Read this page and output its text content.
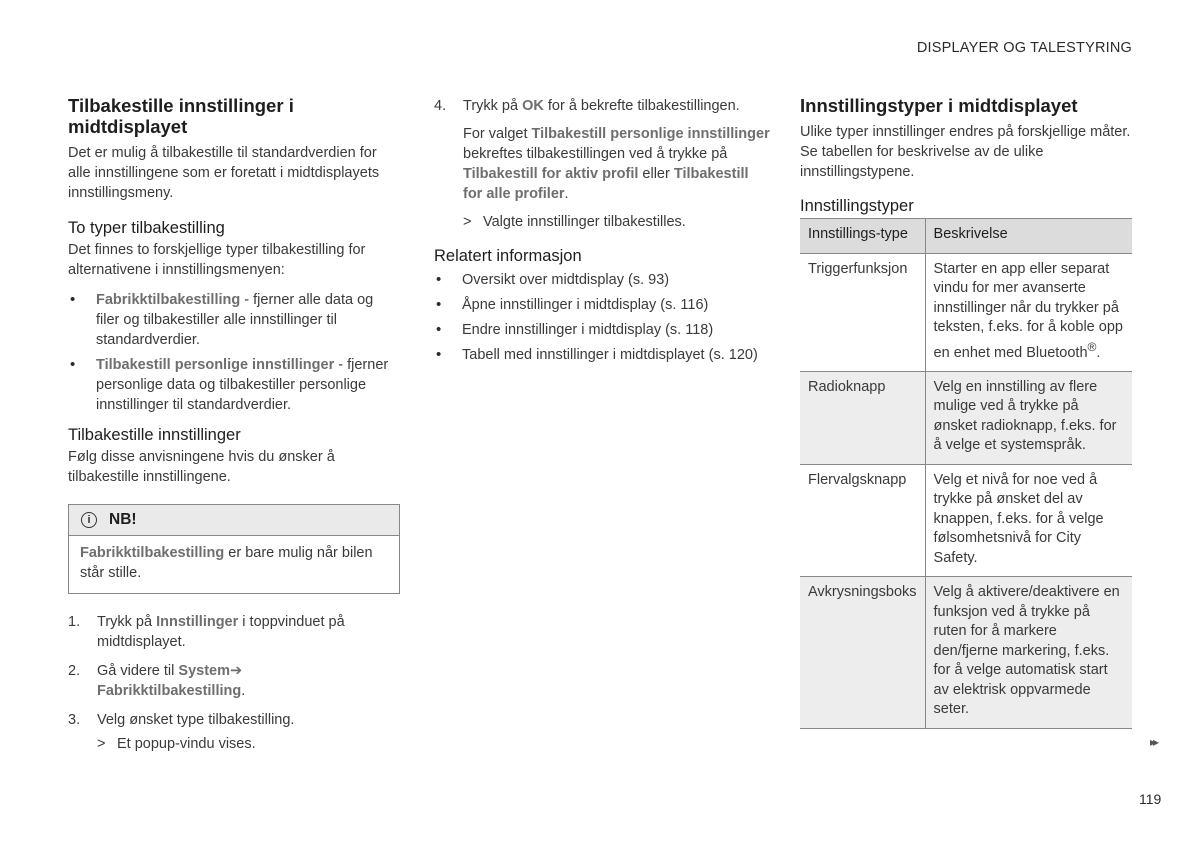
DISPLAYER OG TALESTYRING
Tilbakestille innstillinger i midtdisplayet

Det er mulig å tilbakestille til standardverdien for alle innstillingene som er foretatt i midtdisplayets innstillingsmeny.

To typer tilbakestilling

Det finnes to forskjellige typer tilbakestilling for alternativene i innstillingsmenyen:

• Fabrikktilbakestilling - fjerner alle data og filer og tilbakestiller alle innstillinger til standardverdier.
• Tilbakestill personlige innstillinger - fjerner personlige data og tilbakestiller personlige innstillinger til standardverdier.
Tilbakestille innstillinger

Følg disse anvisningene hvis du ønsker å tilbakestille innstillingene.

i	NB!
Fabrikktilbakestilling er bare mulig når bilen står stille.
1. Trykk på Innstillinger i toppvinduet på midtdisplayet.
2. Gå videre til System➔
Fabrikktilbakestilling.
3. Velg ønsket type tilbakestilling.
> Et popup-vindu vises.
4. Trykk på OK for å bekrefte tilbakestillingen.

For valget Tilbakestill personlige innstillinger bekreftes tilbakestillingen ved å trykke på Tilbakestill for aktiv profil eller Tilbakestill for alle profiler.

> Valgte innstillinger tilbakestilles.
Relatert informasjon
• Oversikt over midtdisplay (s. 93)
• Åpne innstillinger i midtdisplay (s. 116)
• Endre innstillinger i midtdisplay (s. 118)
• Tabell med innstillinger i midtdisplayet (s. 120)
Innstillingstyper i midtdisplayet

Ulike typer innstillinger endres på forskjellige måter. Se tabellen for beskrivelse av de ulike innstillingstypene.

Innstillingstyper
Innstillings-type	Beskrivelse
Triggerfunksjon	Starter en app eller separat vindu for mer avanserte innstillinger når du trykker på teksten, f.eks. for å koble opp en enhet med Bluetooth®.
Radioknapp	Velg en innstilling av flere mulige ved å trykke på ønsket radioknapp, f.eks. for å velge et systemspråk.
Flervalgsknapp	Velg et nivå for noe ved å trykke på ønsket del av knappen, f.eks. for å velge følsomhetsnivå for City Safety.
Avkrysningsboks	Velg å aktivere/deaktivere en funksjon ved å trykke på ruten for å markere den/fjerne markering, f.eks. for å velge automatisk start av elektrisk oppvarmede seter.
▸▸
119
